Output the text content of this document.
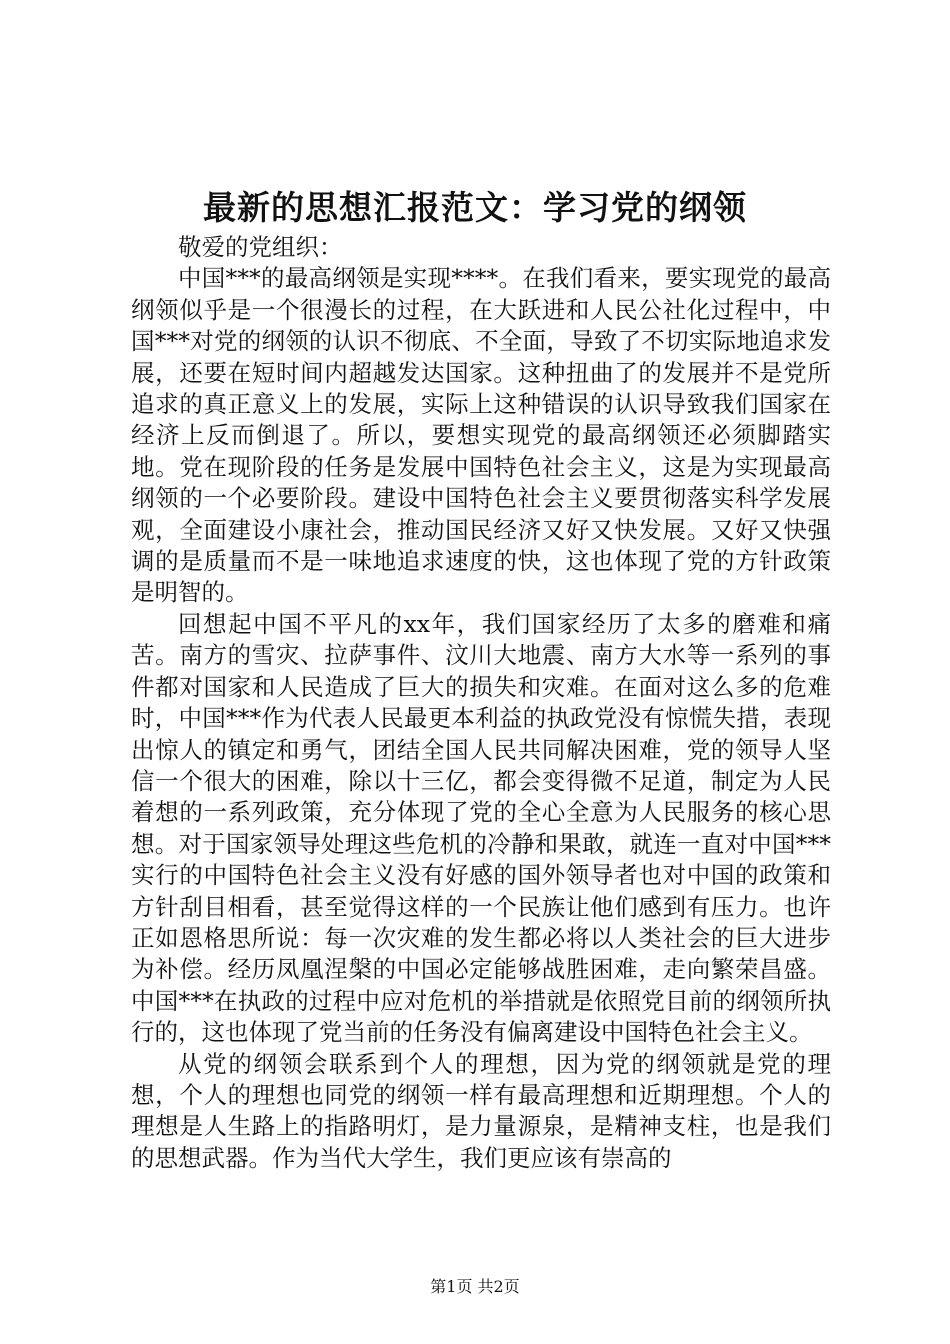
最新的思想汇报范文：学习党的纲领

敬爱的党组织：

中国***的最高纲领是实现****。在我们看来，要实现党的最高纲领似乎是一个很漫长的过程，在大跃进和人民公社化过程中，中国***对党的纲领的认识不彻底、不全面，导致了不切实际地追求发展，还要在短时间内超越发达国家。这种扭曲了的发展并不是党所追求的真正意义上的发展，实际上这种错误的认识导致我们国家在经济上反而倒退了。所以，要想实现党的最高纲领还必须脚踏实地。党在现阶段的任务是发展中国特色社会主义，这是为实现最高纲领的一个必要阶段。建设中国特色社会主义要贯彻落实科学发展观，全面建设小康社会，推动国民经济又好又快发展。又好又快强调的是质量而不是一味地追求速度的快，这也体现了党的方针政策是明智的。

回想起中国不平凡的xx年，我们国家经历了太多的磨难和痛苦。南方的雪灾、拉萨事件、汶川大地震、南方大水等一系列的事件都对国家和人民造成了巨大的损失和灾难。在面对这么多的危难时，中国***作为代表人民最更本利益的执政党没有惊慌失措，表现出惊人的镇定和勇气，团结全国人民共同解决困难，党的领导人坚信一个很大的困难，除以十三亿，都会变得微不足道，制定为人民着想的一系列政策，充分体现了党的全心全意为人民服务的核心思想。对于国家领导处理这些危机的冷静和果敢，就连一直对中国***实行的中国特色社会主义没有好感的国外领导者也对中国的政策和方针刮目相看，甚至觉得这样的一个民族让他们感到有压力。也许正如恩格思所说：每一次灾难的发生都必将以人类社会的巨大进步为补偿。经历凤凰涅槃的中国必定能够战胜困难，走向繁荣昌盛。中国***在执政的过程中应对危机的举措就是依照党目前的纲领所执行的，这也体现了党当前的任务没有偏离建设中国特色社会主义。

从党的纲领会联系到个人的理想，因为党的纲领就是党的理想，个人的理想也同党的纲领一样有最高理想和近期理想。个人的理想是人生路上的指路明灯，是力量源泉，是精神支柱，也是我们的思想武器。作为当代大学生，我们更应该有崇高的

第1页 共2页
